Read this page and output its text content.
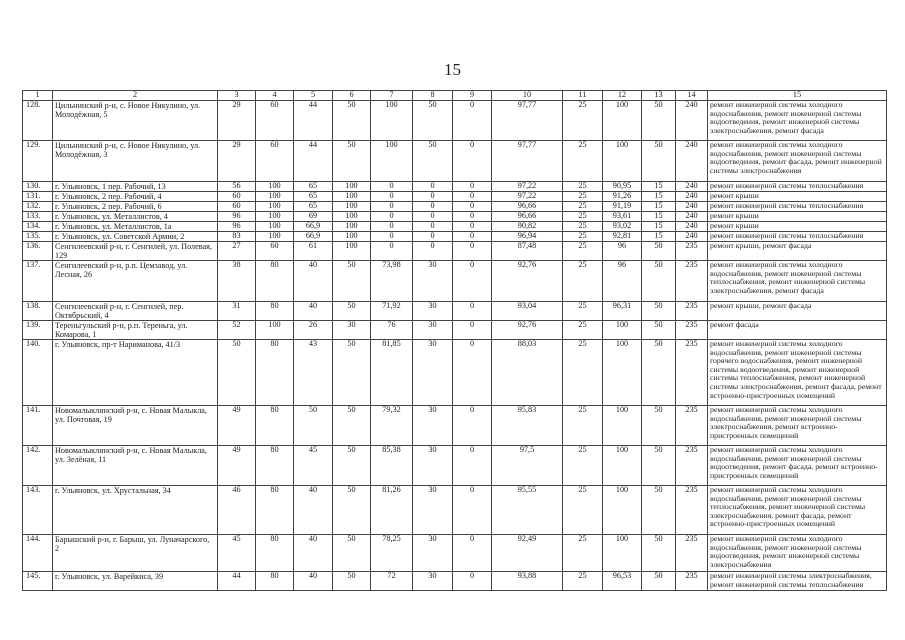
15
1	2	3	4	5	6	7	8	9	10	11	12	13	14	15
128.	Цильнинский р-н, с. Новое Никулино, ул. Молодёжная, 5	29	60	44	50	100	50	0	97,77	25	100	50	240	ремонт инженерной системы холодного водоснабжения, ремонт инженерной системы водоотведения, ремонт инженерной системы электроснабжения, ремонт фасада
129.	Цильнинский р-н, с. Новое Никулино, ул. Молодёжная, 3	29	60	44	50	100	50	0	97,77	25	100	50	240	ремонт инженерной системы холодного водоснабжения, ремонт инженерной системы водоотведения, ремонт фасада, ремонт инженерной системы электроснабжения
130.	г. Ульяновск, 1 пер. Рабочий, 13	56	100	65	100	0	0	0	97,22	25	90,95	15	240	ремонт инженерной системы теплоснабжения
131.	г. Ульяновск, 2 пер. Рабочий, 4	60	100	65	100	0	0	0	97,22	25	91,26	15	240	ремонт крыши
132.	г. Ульяновск, 2 пер. Рабочий, 6	60	100	65	100	0	0	0	96,66	25	91,19	15	240	ремонт инженерной системы теплоснабжения
133.	г. Ульяновск, ул. Металлистов, 4	96	100	69	100	0	0	0	96,66	25	93,61	15	240	ремонт крыши
134.	г. Ульяновск, ул. Металлистов, 1а	96	100	66,9	100	0	0	0	90,82	25	93,02	15	240	ремонт крыши
135.	г. Ульяновск, ул. Советской Армии, 2	83	100	66,9	100	0	0	0	96,94	25	92,81	15	240	ремонт инженерной системы теплоснабжения
136.	Сенгилеевский р-н, г. Сенгилей, ул. Полевая, 129	27	60	61	100	0	0	0	87,48	25	96	50	235	ремонт крыши, ремонт фасада
137.	Сенгилеевский р-н, р.п. Цемзавод, ул. Лесная, 26	38	80	40	50	73,98	30	0	92,76	25	96	50	235	ремонт инженерной системы холодного водоснабжения, ремонт инженерной системы теплоснабжения, ремонт инженерной системы электроснабжения, ремонт фасада
138.	Сенгилеевский р-н, г. Сенгилей, пер. Октябрьский, 4	31	80	40	50	71,92	30	0	93,04	25	96,31	50	235	ремонт крыши, ремонт фасада
139.	Тереньгульский р-н, р.п. Тереньга, ул. Комарова, 1	52	100	26	30	76	30	0	92,76	25	100	50	235	ремонт фасада
140.	г. Ульяновск, пр-т Нариманова, 41/3	50	80	43	50	81,85	30	0	88,03	25	100	50	235	ремонт инженерной системы холодного водоснабжения, ремонт инженерной системы горячего водоснабжения, ремонт инженерной системы водоотведения, ремонт инженерной системы теплоснабжения, ремонт инженерной системы электроснабжения, ремонт фасада, ремонт встроенно-пристроенных помещений
141.	Новомалыклинский р-н, с. Новая Малыкла, ул. Почтовая, 19	49	80	50	50	79,32	30	0	95,83	25	100	50	235	ремонт инженерной системы холодного водоснабжения, ремонт инженерной системы электроснабжения, ремонт встроенно-пристроенных помещений
142.	Новомалыклинский р-н, с. Новая Малыкла, ул. Зелёная, 11	49	80	45	50	85,38	30	0	97,5	25	100	50	235	ремонт инженерной системы холодного водоснабжения, ремонт инженерной системы водоотведения, ремонт фасада, ремонт встроенно-пристроенных помещений
143.	г. Ульяновск, ул. Хрустальная, 34	46	80	40	50	81,26	30	0	95,55	25	100	50	235	ремонт инженерной системы холодного водоснабжения, ремонт инженерной системы теплоснабжения, ремонт инженерной системы электроснабжения, ремонт фасада, ремонт встроенно-пристроенных помещений
144.	Барышский р-н, г. Барыш, ул. Луначарского, 2	45	80	40	50	78,25	30	0	92,49	25	100	50	235	ремонт инженерной системы холодного водоснабжения, ремонт инженерной системы водоотведения, ремонт инженерной системы электроснабжения
145.	г. Ульяновск, ул. Варейкиса, 39	44	80	40	50	72	30	0	93,88	25	96,53	50	235	ремонт инженерной системы электроснабжения, ремонт инженерной системы теплоснабжения
